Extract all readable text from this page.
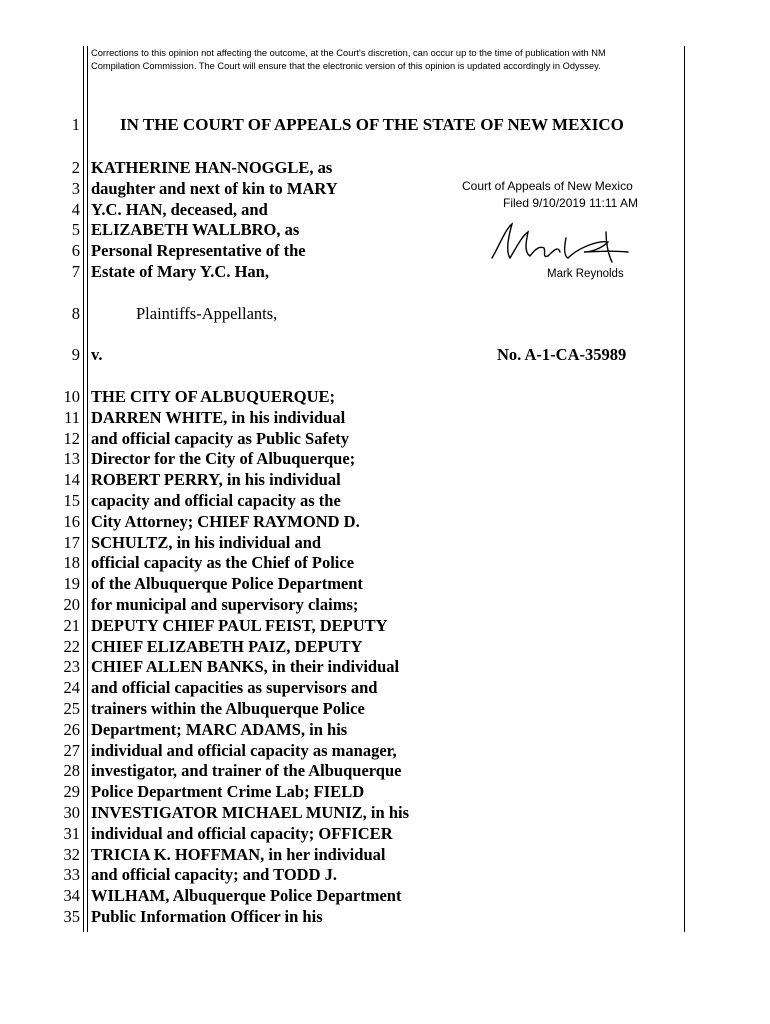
Corrections to this opinion not affecting the outcome, at the Court's discretion, can occur up to the time of publication with NM
Compilation Commission. The Court will ensure that the electronic version of this opinion is updated accordingly in Odyssey.
IN THE COURT OF APPEALS OF THE STATE OF NEW MEXICO
Court of Appeals of New Mexico
Filed 9/10/2019 11:11 AM
Mark Reynolds
Plaintiffs-Appellants,
v.	No. A-1-CA-35989
1
2 KATHERINE HAN-NOGGLE, as
3 daughter and next of kin to MARY
4 Y.C. HAN, deceased, and
5 ELIZABETH WALLBRO, as
6 Personal Representative of the
7 Estate of Mary Y.C. Han,
8
9
10 THE CITY OF ALBUQUERQUE;
11 DARREN WHITE, in his individual
12 and official capacity as Public Safety
13 Director for the City of Albuquerque;
14 ROBERT PERRY, in his individual
15 capacity and official capacity as the
16 City Attorney; CHIEF RAYMOND D.
17 SCHULTZ, in his individual and
18 official capacity as the Chief of Police
19 of the Albuquerque Police Department
20 for municipal and supervisory claims;
21 DEPUTY CHIEF PAUL FEIST, DEPUTY
22 CHIEF ELIZABETH PAIZ, DEPUTY
23 CHIEF ALLEN BANKS, in their individual
24 and official capacities as supervisors and
25 trainers within the Albuquerque Police
26 Department; MARC ADAMS, in his
27 individual and official capacity as manager,
28 investigator, and trainer of the Albuquerque
29 Police Department Crime Lab; FIELD
30 INVESTIGATOR MICHAEL MUNIZ, in his
31 individual and official capacity; OFFICER
32 TRICIA K. HOFFMAN, in her individual
33 and official capacity; and TODD J.
34 WILHAM, Albuquerque Police Department
35 Public Information Officer in his
